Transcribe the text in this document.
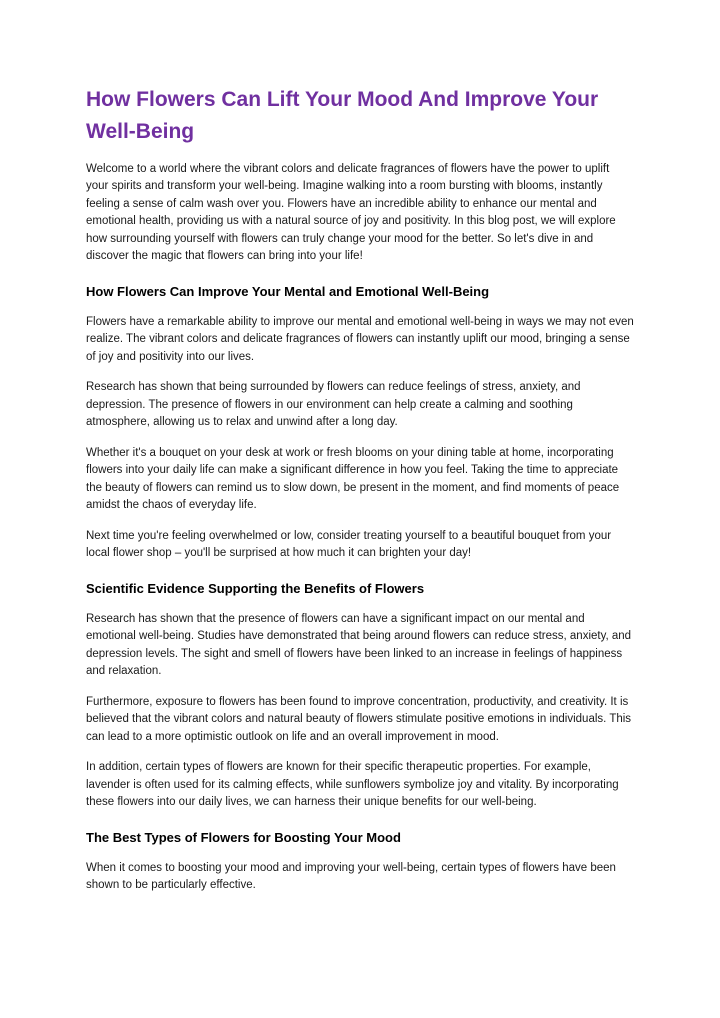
How Flowers Can Lift Your Mood And Improve Your Well-Being

Welcome to a world where the vibrant colors and delicate fragrances of flowers have the power to uplift your spirits and transform your well-being. Imagine walking into a room bursting with blooms, instantly feeling a sense of calm wash over you. Flowers have an incredible ability to enhance our mental and emotional health, providing us with a natural source of joy and positivity. In this blog post, we will explore how surrounding yourself with flowers can truly change your mood for the better. So let's dive in and discover the magic that flowers can bring into your life!

How Flowers Can Improve Your Mental and Emotional Well-Being

Flowers have a remarkable ability to improve our mental and emotional well-being in ways we may not even realize. The vibrant colors and delicate fragrances of flowers can instantly uplift our mood, bringing a sense of joy and positivity into our lives.

Research has shown that being surrounded by flowers can reduce feelings of stress, anxiety, and depression. The presence of flowers in our environment can help create a calming and soothing atmosphere, allowing us to relax and unwind after a long day.

Whether it's a bouquet on your desk at work or fresh blooms on your dining table at home, incorporating flowers into your daily life can make a significant difference in how you feel. Taking the time to appreciate the beauty of flowers can remind us to slow down, be present in the moment, and find moments of peace amidst the chaos of everyday life.

Next time you're feeling overwhelmed or low, consider treating yourself to a beautiful bouquet from your local flower shop – you'll be surprised at how much it can brighten your day!

Scientific Evidence Supporting the Benefits of Flowers

Research has shown that the presence of flowers can have a significant impact on our mental and emotional well-being. Studies have demonstrated that being around flowers can reduce stress, anxiety, and depression levels. The sight and smell of flowers have been linked to an increase in feelings of happiness and relaxation.

Furthermore, exposure to flowers has been found to improve concentration, productivity, and creativity. It is believed that the vibrant colors and natural beauty of flowers stimulate positive emotions in individuals. This can lead to a more optimistic outlook on life and an overall improvement in mood.

In addition, certain types of flowers are known for their specific therapeutic properties. For example, lavender is often used for its calming effects, while sunflowers symbolize joy and vitality. By incorporating these flowers into our daily lives, we can harness their unique benefits for our well-being.

The Best Types of Flowers for Boosting Your Mood

When it comes to boosting your mood and improving your well-being, certain types of flowers have been shown to be particularly effective.
